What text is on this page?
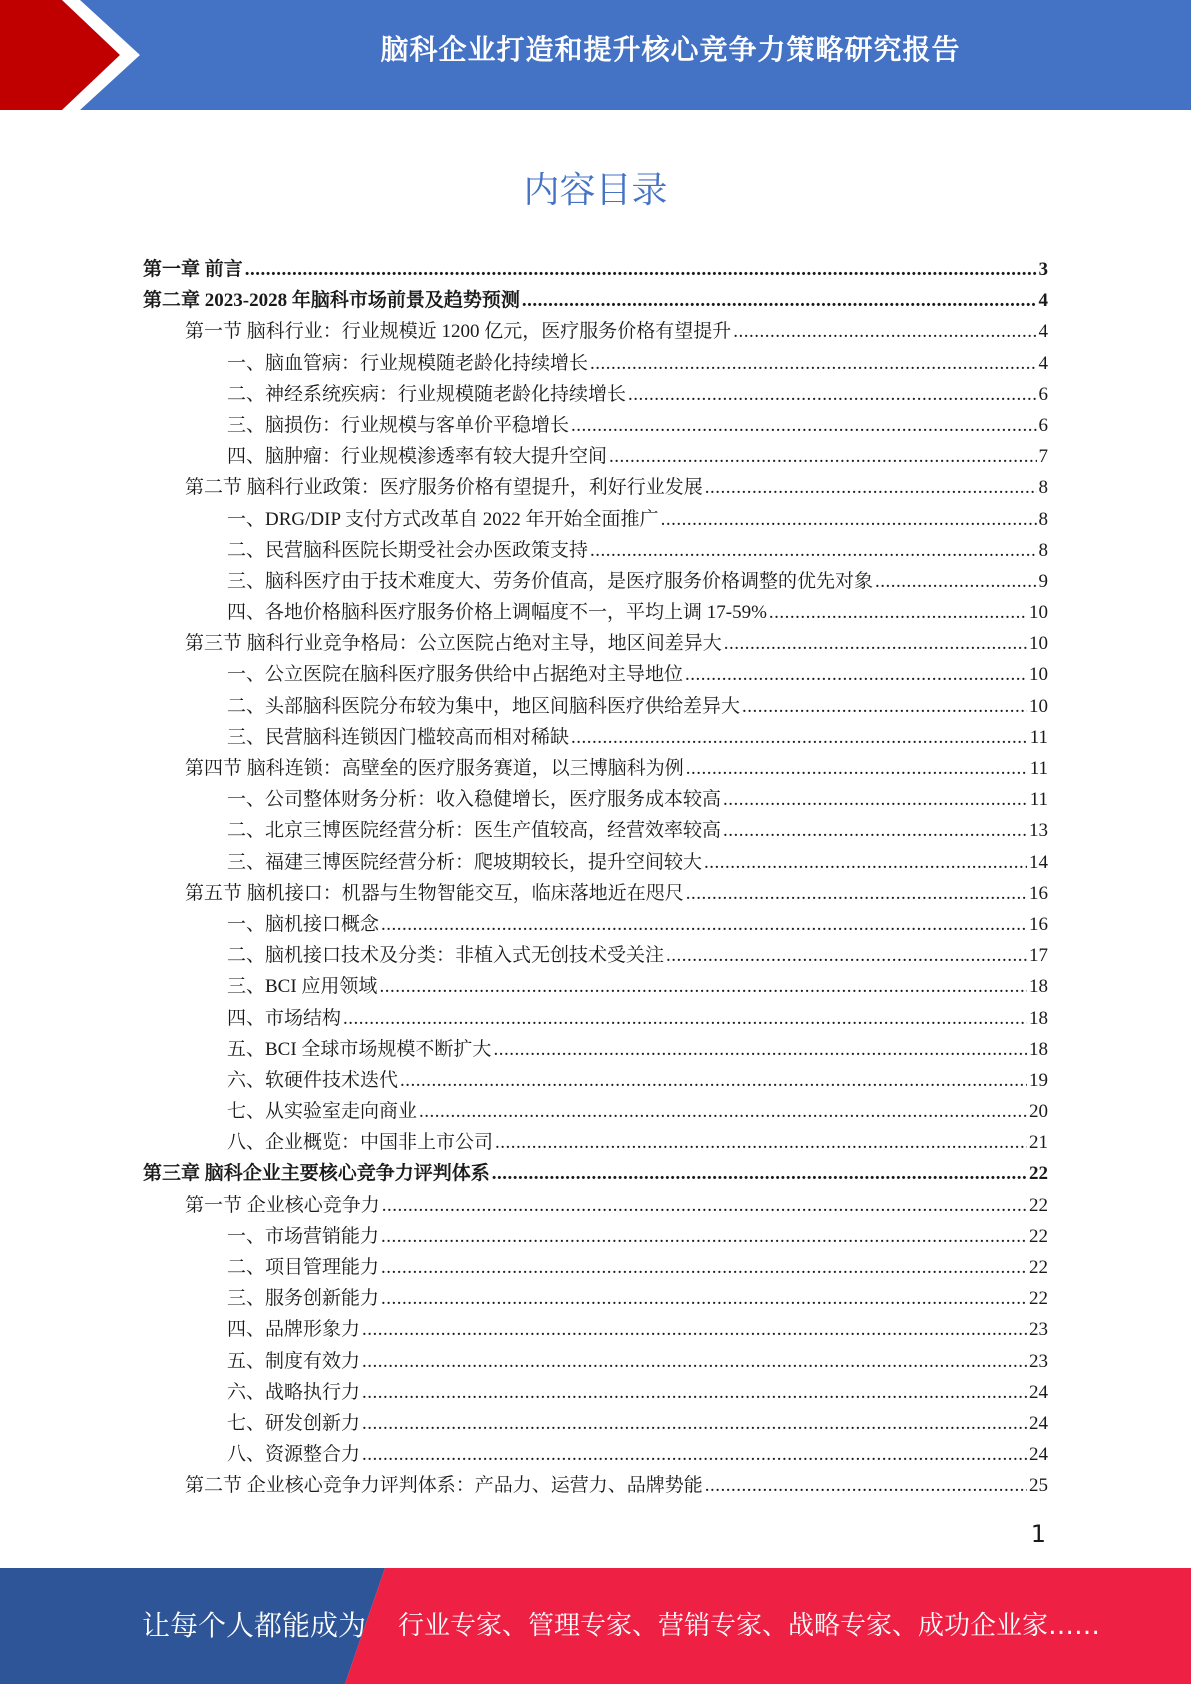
脑科企业打造和提升核心竞争力策略研究报告
内容目录
第一章 前言 .....	3
第二章 2023-2028 年脑科市场前景及趋势预测 .....	4
第一节 脑科行业：行业规模近 1200 亿元，医疗服务价格有望提升 .....	4
一、脑血管病：行业规模随老龄化持续增长 .....	4
二、神经系统疾病：行业规模随老龄化持续增长 .....	6
三、脑损伤：行业规模与客单价平稳增长 .....	6
四、脑肿瘤：行业规模渗透率有较大提升空间 .....	7
第二节 脑科行业政策：医疗服务价格有望提升，利好行业发展 .....	8
一、DRG/DIP 支付方式改革自 2022 年开始全面推广 .....	8
二、民营脑科医院长期受社会办医政策支持 .....	8
三、脑科医疗由于技术难度大、劳务价值高，是医疗服务价格调整的优先对象 .....	9
四、各地价格脑科医疗服务价格上调幅度不一，平均上调 17-59% .....	10
第三节 脑科行业竞争格局：公立医院占绝对主导，地区间差异大 .....	10
一、公立医院在脑科医疗服务供给中占据绝对主导地位 .....	10
二、头部脑科医院分布较为集中，地区间脑科医疗供给差异大 .....	10
三、民营脑科连锁因门槛较高而相对稀缺 .....	11
第四节 脑科连锁：高壁垒的医疗服务赛道，以三博脑科为例 .....	11
一、公司整体财务分析：收入稳健增长，医疗服务成本较高 .....	11
二、北京三博医院经营分析：医生产值较高，经营效率较高 .....	13
三、福建三博医院经营分析：爬坡期较长，提升空间较大 .....	14
第五节 脑机接口：机器与生物智能交互，临床落地近在咫尺 .....	16
一、脑机接口概念 .....	16
二、脑机接口技术及分类：非植入式无创技术受关注 .....	17
三、BCI 应用领域 .....	18
四、市场结构 .....	18
五、BCI 全球市场规模不断扩大 .....	18
六、软硬件技术迭代 .....	19
七、从实验室走向商业 .....	20
八、企业概览：中国非上市公司 .....	21
第三章 脑科企业主要核心竞争力评判体系 .....	22
第一节 企业核心竞争力 .....	22
一、市场营销能力 .....	22
二、项目管理能力 .....	22
三、服务创新能力 .....	22
四、品牌形象力 .....	23
五、制度有效力 .....	23
六、战略执行力 .....	24
七、研发创新力 .....	24
八、资源整合力 .....	24
第二节 企业核心竞争力评判体系：产品力、运营力、品牌势能 .....	25
1
让每个人都能成为 行业专家、管理专家、营销专家、战略专家、成功企业家……
